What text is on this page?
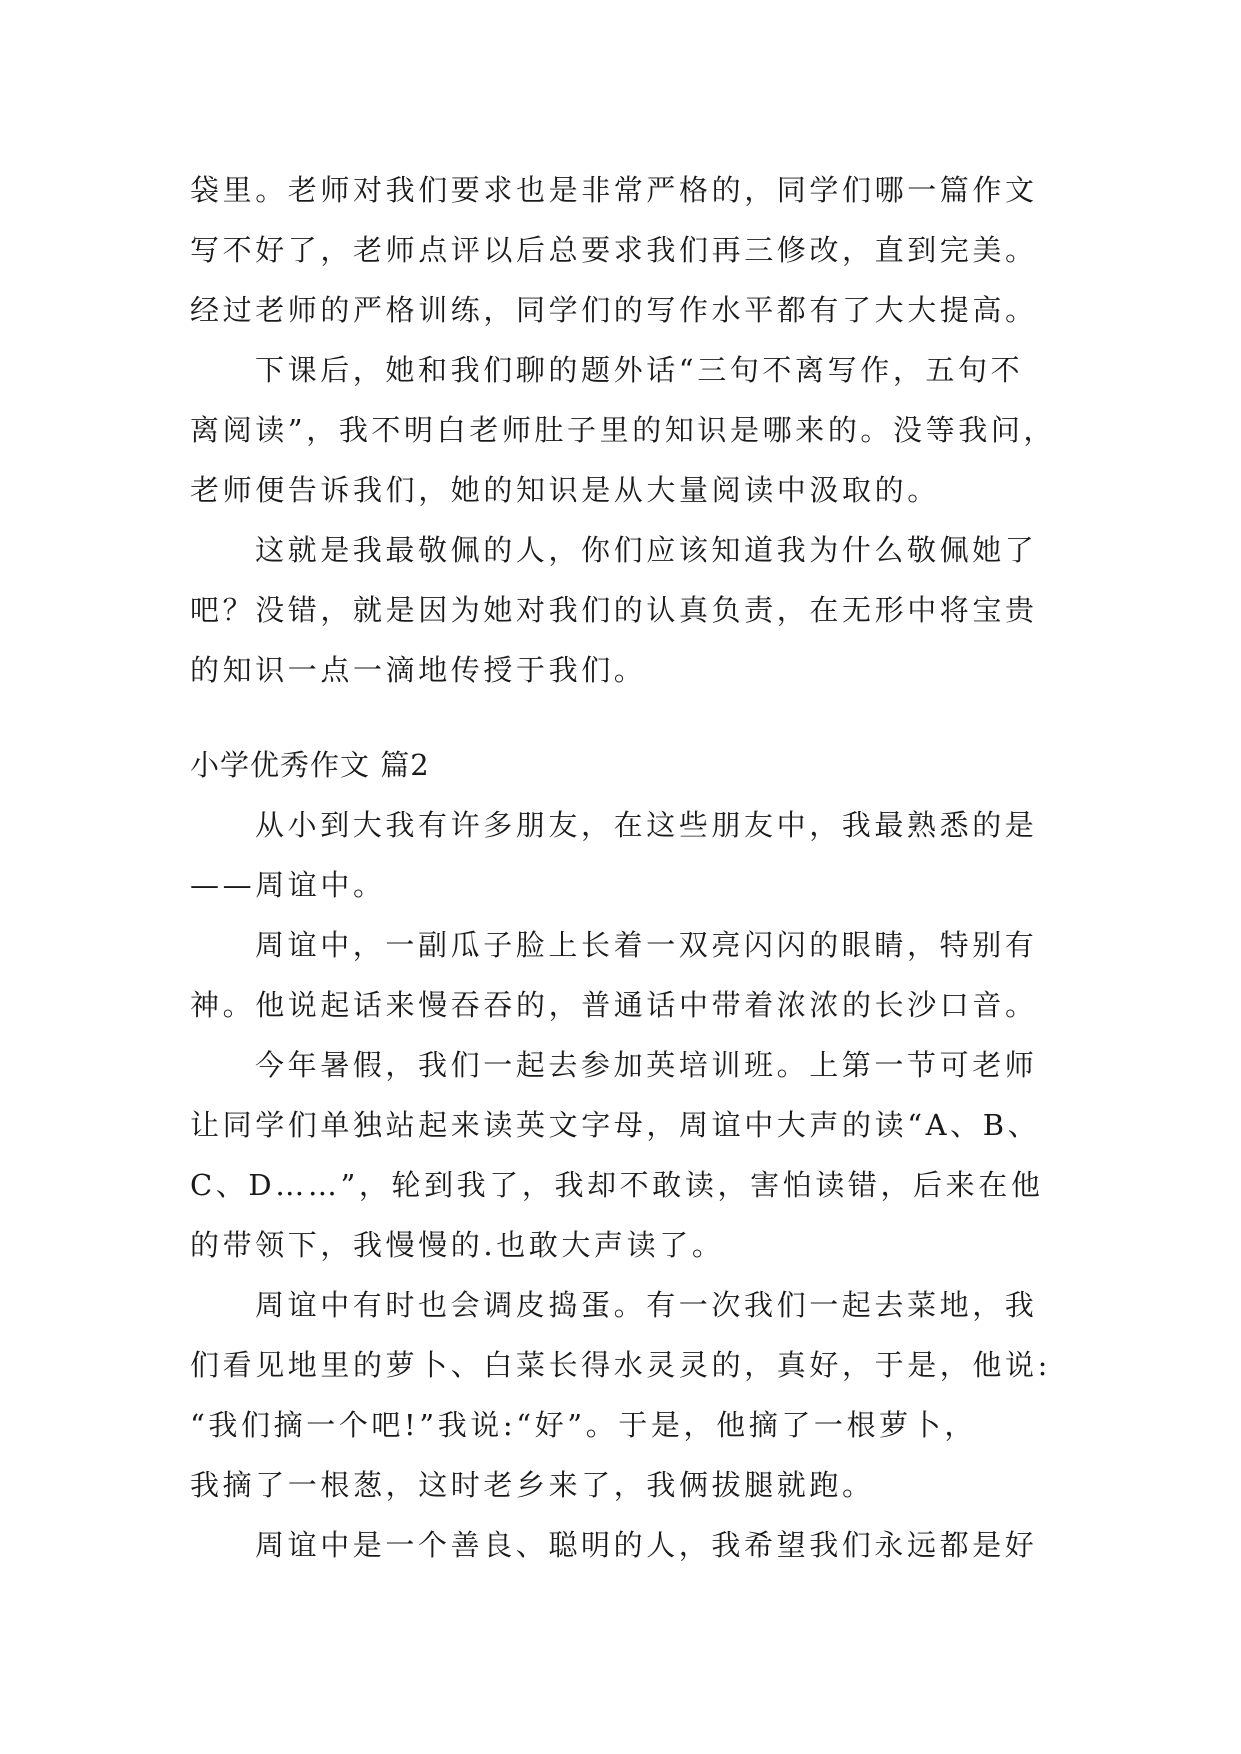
袋里。老师对我们要求也是非常严格的，同学们哪一篇作文
写不好了，老师点评以后总要求我们再三修改，直到完美。
经过老师的严格训练，同学们的写作水平都有了大大提高。
下课后，她和我们聊的题外话“三句不离写作，五句不
离阅读”，我不明白老师肚子里的知识是哪来的。没等我问，
老师便告诉我们，她的知识是从大量阅读中汲取的。
这就是我最敬佩的人，你们应该知道我为什么敬佩她了
吧？没错，就是因为她对我们的认真负责，在无形中将宝贵
的知识一点一滴地传授于我们。
小学优秀作文 篇2
从小到大我有许多朋友，在这些朋友中，我最熟悉的是
——周谊中。
周谊中，一副瓜子脸上长着一双亮闪闪的眼睛，特别有
神。他说起话来慢吞吞的，普通话中带着浓浓的长沙口音。
今年暑假，我们一起去参加英培训班。上第一节可老师
让同学们单独站起来读英文字母，周谊中大声的读“A、B、
C、D……”，轮到我了，我却不敢读，害怕读错，后来在他
的带领下，我慢慢的.也敢大声读了。
周谊中有时也会调皮捣蛋。有一次我们一起去菜地，我
们看见地里的萝卜、白菜长得水灵灵的，真好，于是，他说:
“我们摘一个吧!”我说:“好”。于是，他摘了一根萝卜，
我摘了一根葱，这时老乡来了，我俩拔腿就跑。
周谊中是一个善良、聪明的人，我希望我们永远都是好
